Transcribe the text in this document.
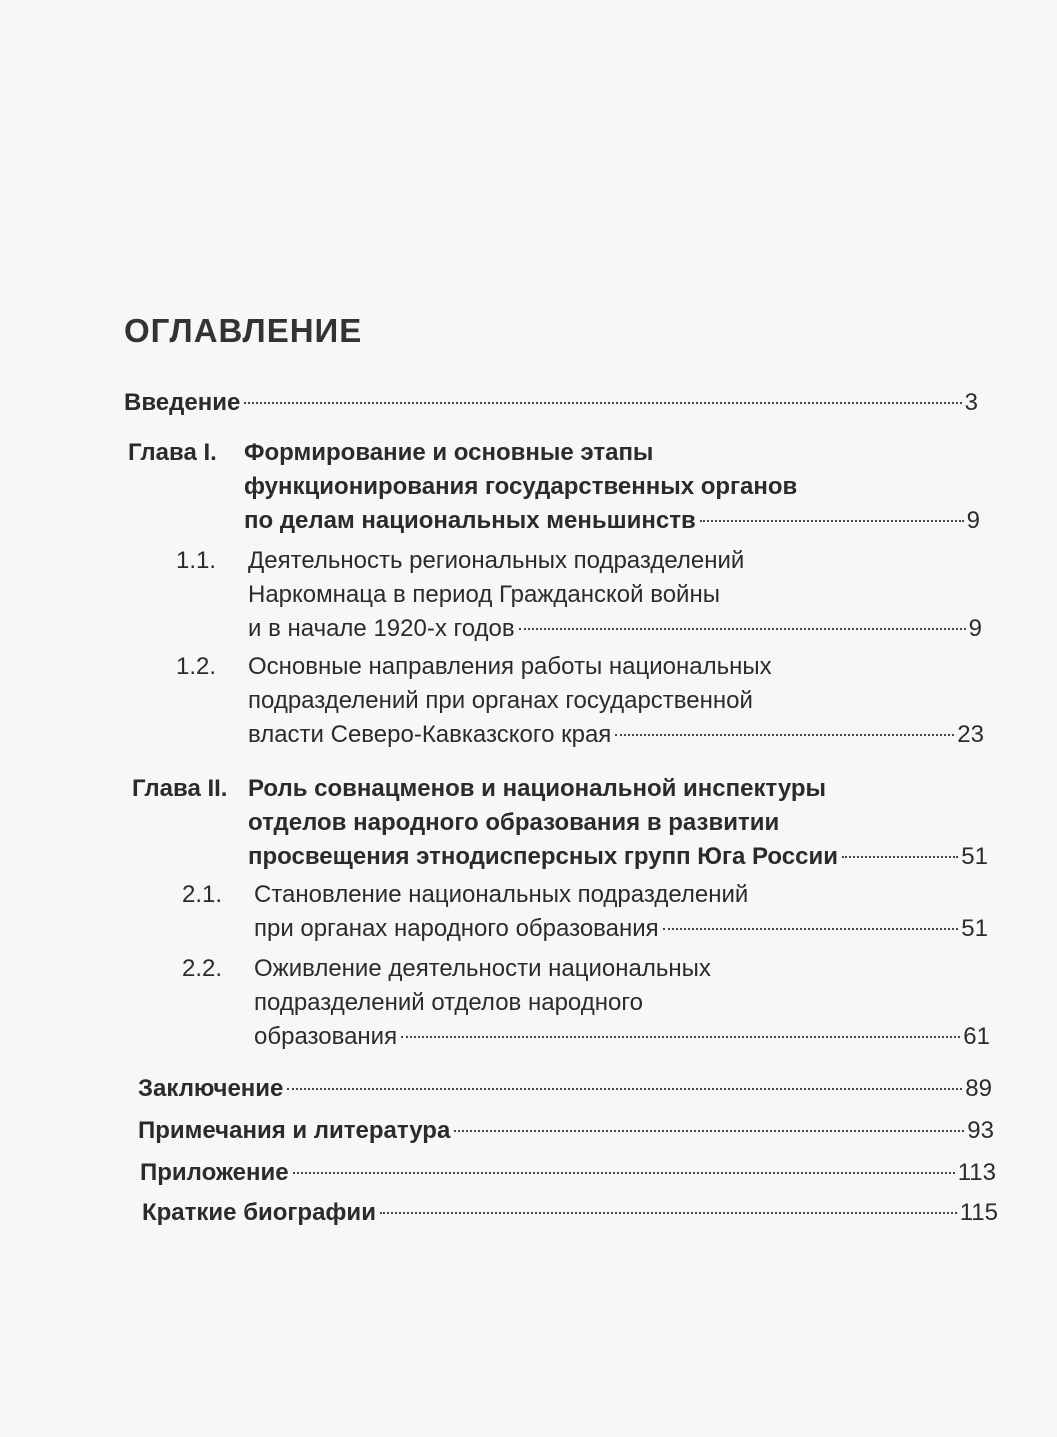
ОГЛАВЛЕНИЕ
Введение	3
Глава I. Формирование и основные этапы
функционирования государственных органов
по делам национальных меньшинств	9
1.1. Деятельность региональных подразделений
Наркомнаца в период Гражданской войны
и в начале 1920-х годов	9
1.2. Основные направления работы национальных
подразделений при органах государственной
власти Северо-Кавказского края	23
Глава II. Роль совнацменов и национальной инспектуры
отделов народного образования в развитии
просвещения этнодисперсных групп Юга России	51
2.1. Становление национальных подразделений
при органах народного образования	51
2.2. Оживление деятельности национальных
подразделений отделов народного
образования	61
Заключение	89
Примечания и литература	93
Приложение	113
Краткие биографии	115
